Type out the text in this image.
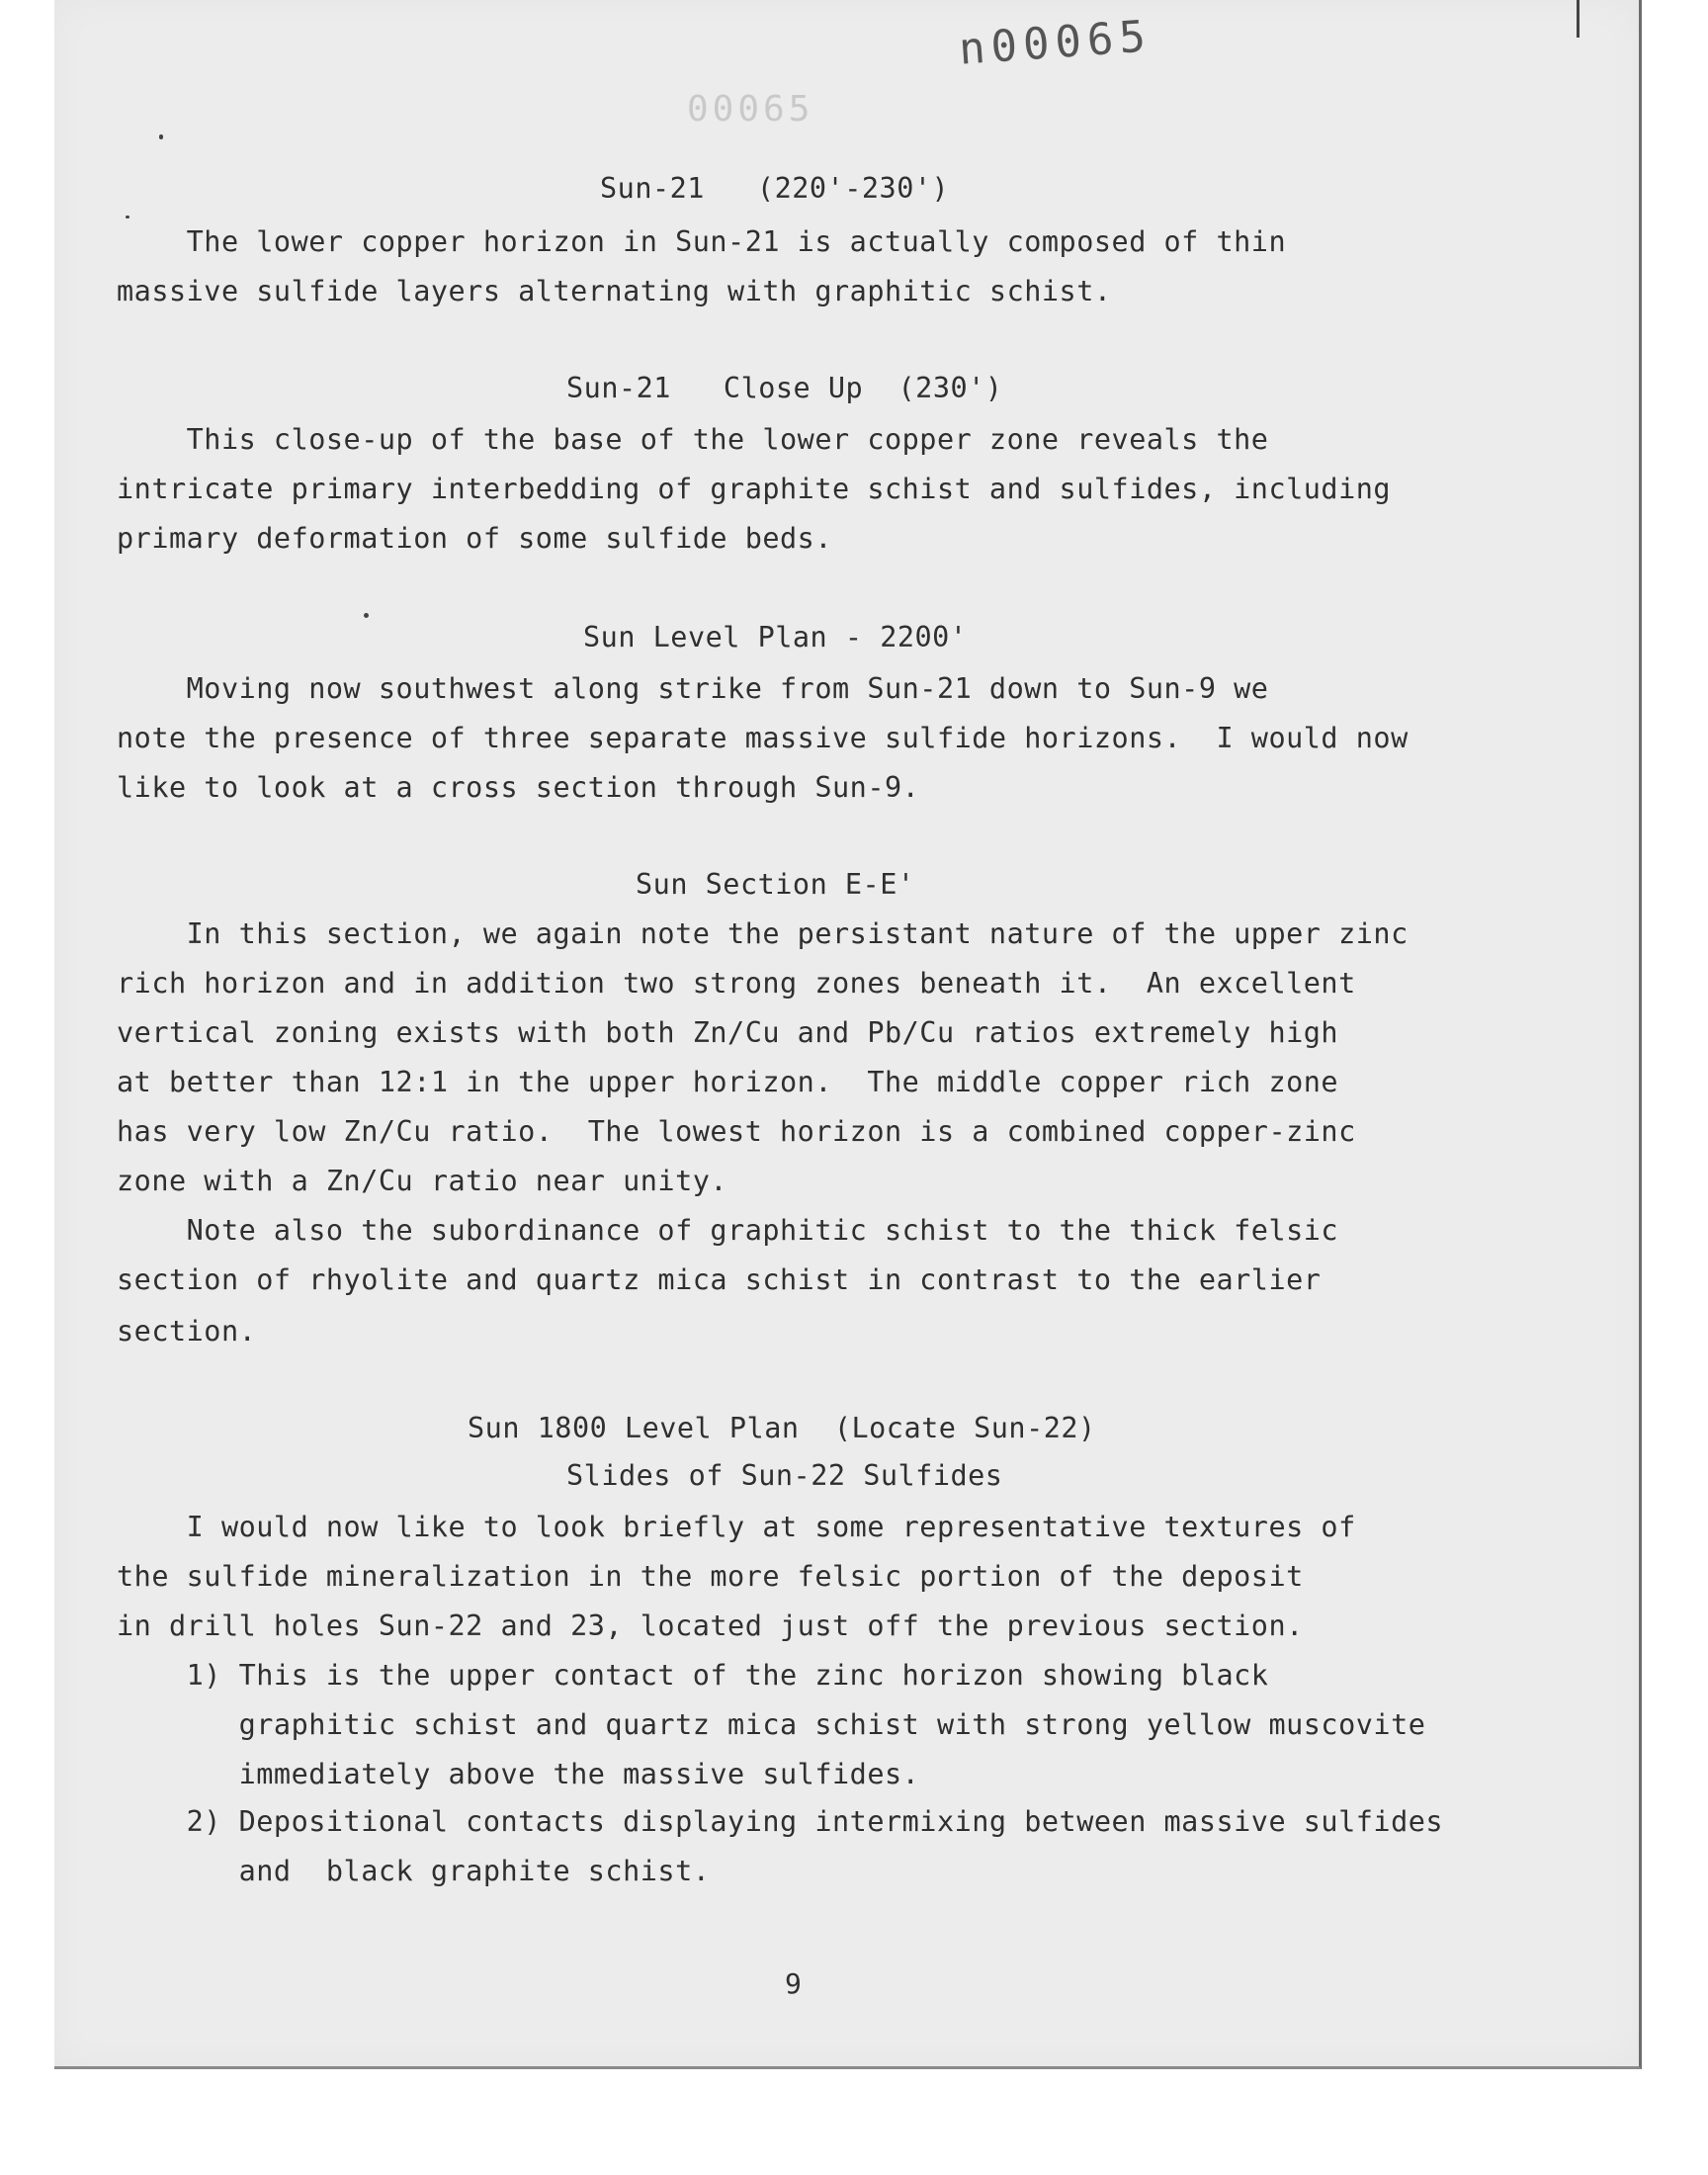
n00065
00065
Sun-21   (220'-230')
The lower copper horizon in Sun-21 is actually composed of thin
massive sulfide layers alternating with graphitic schist.
Sun-21   Close Up  (230')
This close-up of the base of the lower copper zone reveals the
intricate primary interbedding of graphite schist and sulfides, including
primary deformation of some sulfide beds.
Sun Level Plan - 2200'
Moving now southwest along strike from Sun-21 down to Sun-9 we
note the presence of three separate massive sulfide horizons.  I would now
like to look at a cross section through Sun-9.
Sun Section E-E'
In this section, we again note the persistant nature of the upper zinc
rich horizon and in addition two strong zones beneath it.  An excellent
vertical zoning exists with both Zn/Cu and Pb/Cu ratios extremely high
at better than 12:1 in the upper horizon.  The middle copper rich zone
has very low Zn/Cu ratio.  The lowest horizon is a combined copper-zinc
zone with a Zn/Cu ratio near unity.
Note also the subordinance of graphitic schist to the thick felsic
section of rhyolite and quartz mica schist in contrast to the earlier
section.
Sun 1800 Level Plan  (Locate Sun-22)
Slides of Sun-22 Sulfides
I would now like to look briefly at some representative textures of
the sulfide mineralization in the more felsic portion of the deposit
in drill holes Sun-22 and 23, located just off the previous section.
1) This is the upper contact of the zinc horizon showing black
graphitic schist and quartz mica schist with strong yellow muscovite
immediately above the massive sulfides.
2) Depositional contacts displaying intermixing between massive sulfides
and  black graphite schist.
9
